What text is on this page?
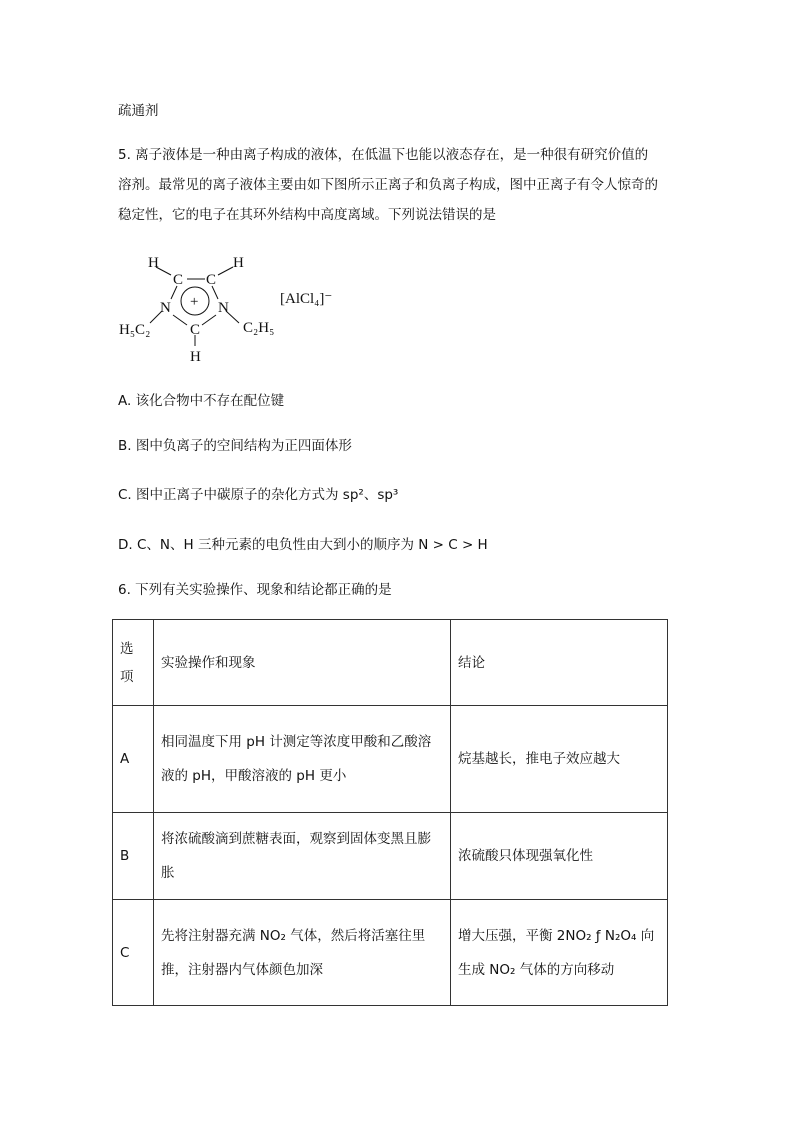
疏通剂

5. 离子液体是一种由离子构成的液体，在低温下也能以液态存在，是一种很有研究价值的
溶剂。最常见的离子液体主要由如下图所示正离子和负离子构成，图中正离子有令人惊奇的
稳定性，它的电子在其环外结构中高度离域。下列说法错误的是
H
C C
H
N + N
H₅C₂	C	C₂H₅
H
[AlCl₄]⁻

A. 该化合物中不存在配位键

B. 图中负离子的空间结构为正四面体形

C. 图中正离子中碳原子的杂化方式为 sp²、sp³

D. C、N、H 三种元素的电负性由大到小的顺序为 N > C > H

6. 下列有关实验操作、现象和结论都正确的是

选项	实验操作和现象	结论
A	相同温度下用 pH 计测定等浓度甲酸和乙酸溶液的 pH，甲酸溶液的 pH 更小	烷基越长，推电子效应越大
B	将浓硫酸滴到蔗糖表面，观察到固体变黑且膨胀	浓硫酸只体现强氧化性
C	先将注射器充满 NO₂ 气体，然后将活塞往里推，注射器内气体颜色加深	增大压强，平衡 2NO₂ ƒ N₂O₄ 向生成 NO₂ 气体的方向移动
